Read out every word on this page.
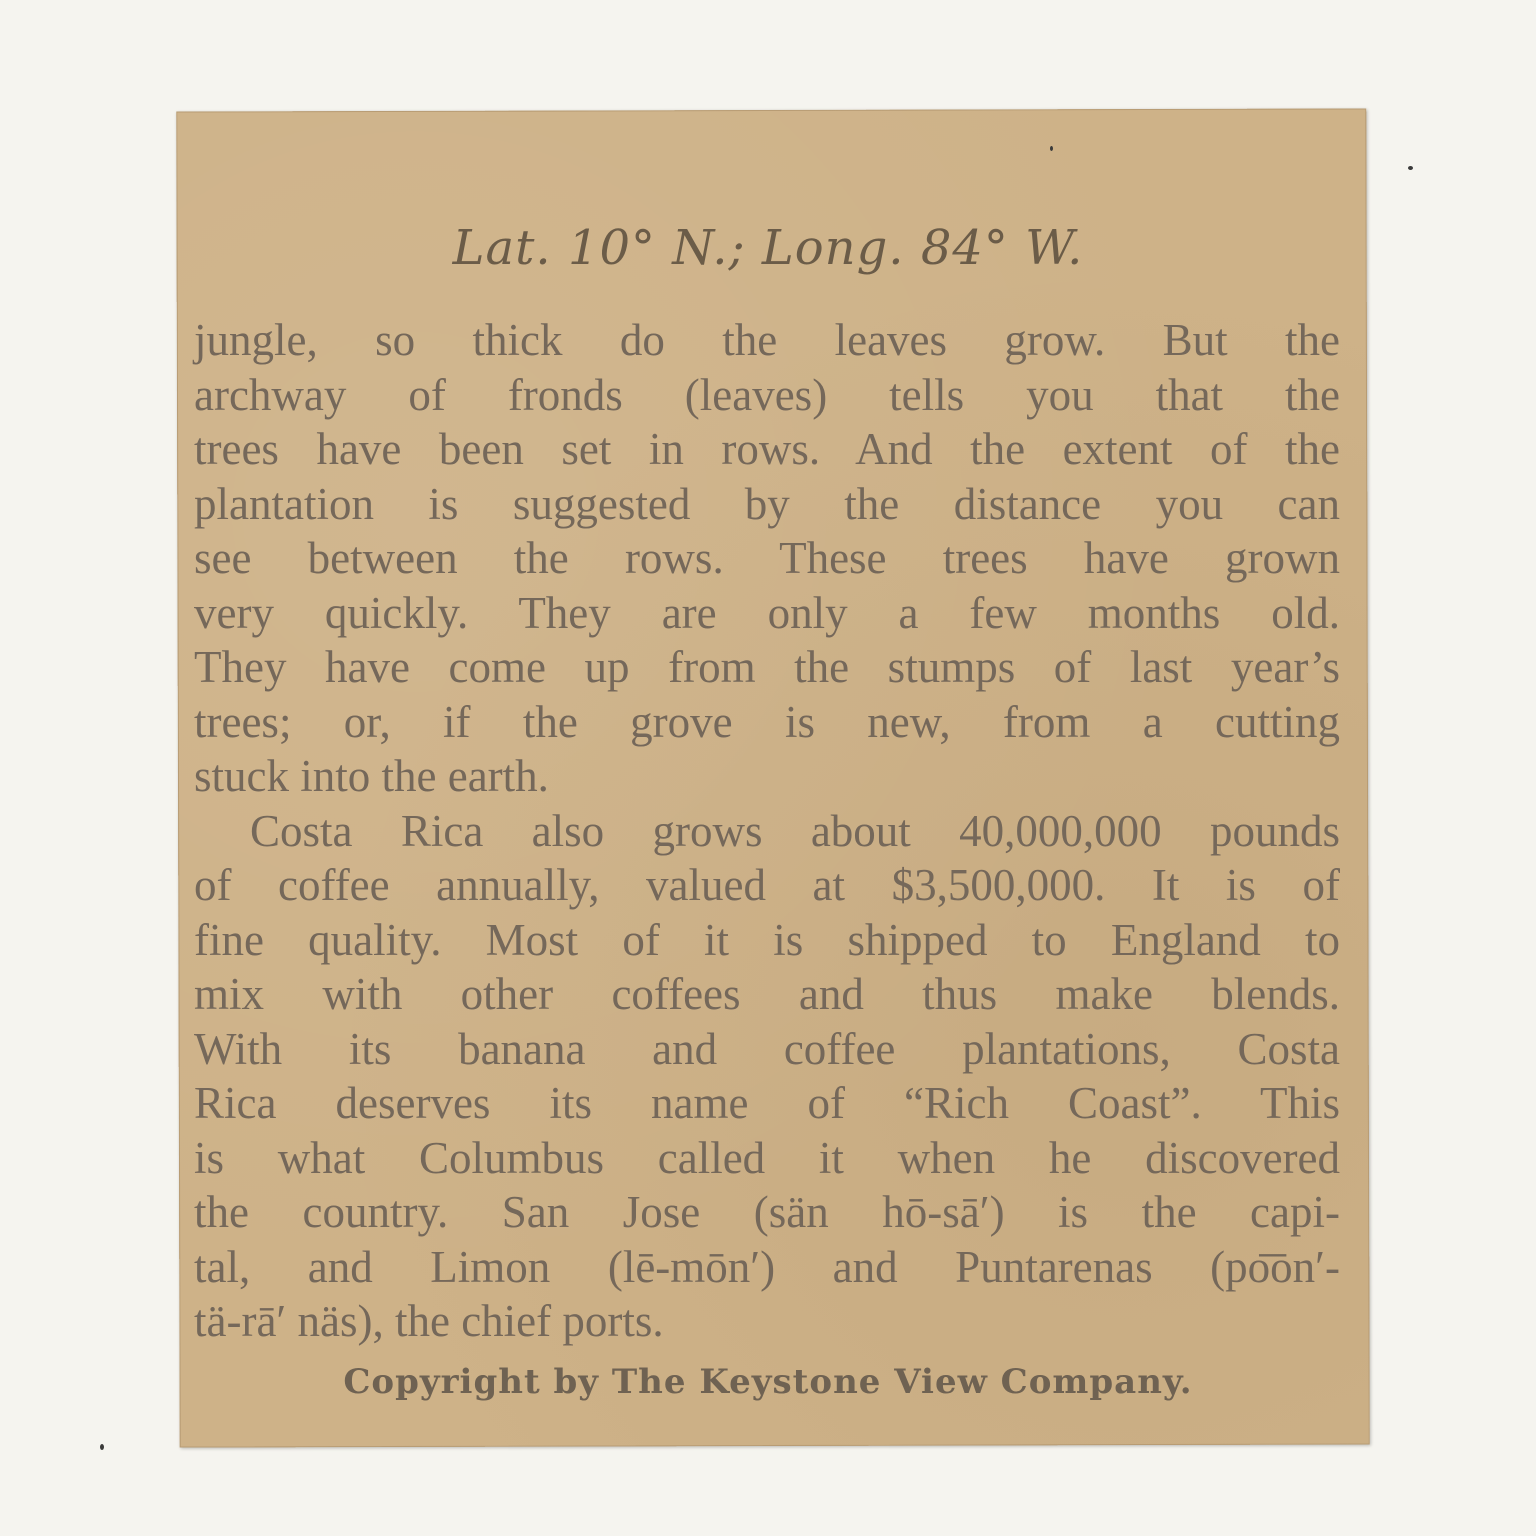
Lat. 10° N.; Long. 84° W.
jungle, so thick do the leaves grow. But the
archway of fronds (leaves) tells you that the
trees have been set in rows. And the extent of the
plantation is suggested by the distance you can
see between the rows. These trees have grown
very quickly. They are only a few months old.
They have come up from the stumps of last year’s
trees; or, if the grove is new, from a cutting
stuck into the earth.
Costa Rica also grows about 40,000,000 pounds
of coffee annually, valued at $3,500,000. It is of
fine quality. Most of it is shipped to England to
mix with other coffees and thus make blends.
With its banana and coffee plantations, Costa
Rica deserves its name of “Rich Coast”. This
is what Columbus called it when he discovered
the country. San Jose (sän hō-sā′) is the capi-
tal, and Limon (lē-mōn′) and Puntarenas (po͞on′-
tä-rā′ näs), the chief ports.
Copyright by The Keystone View Company.
